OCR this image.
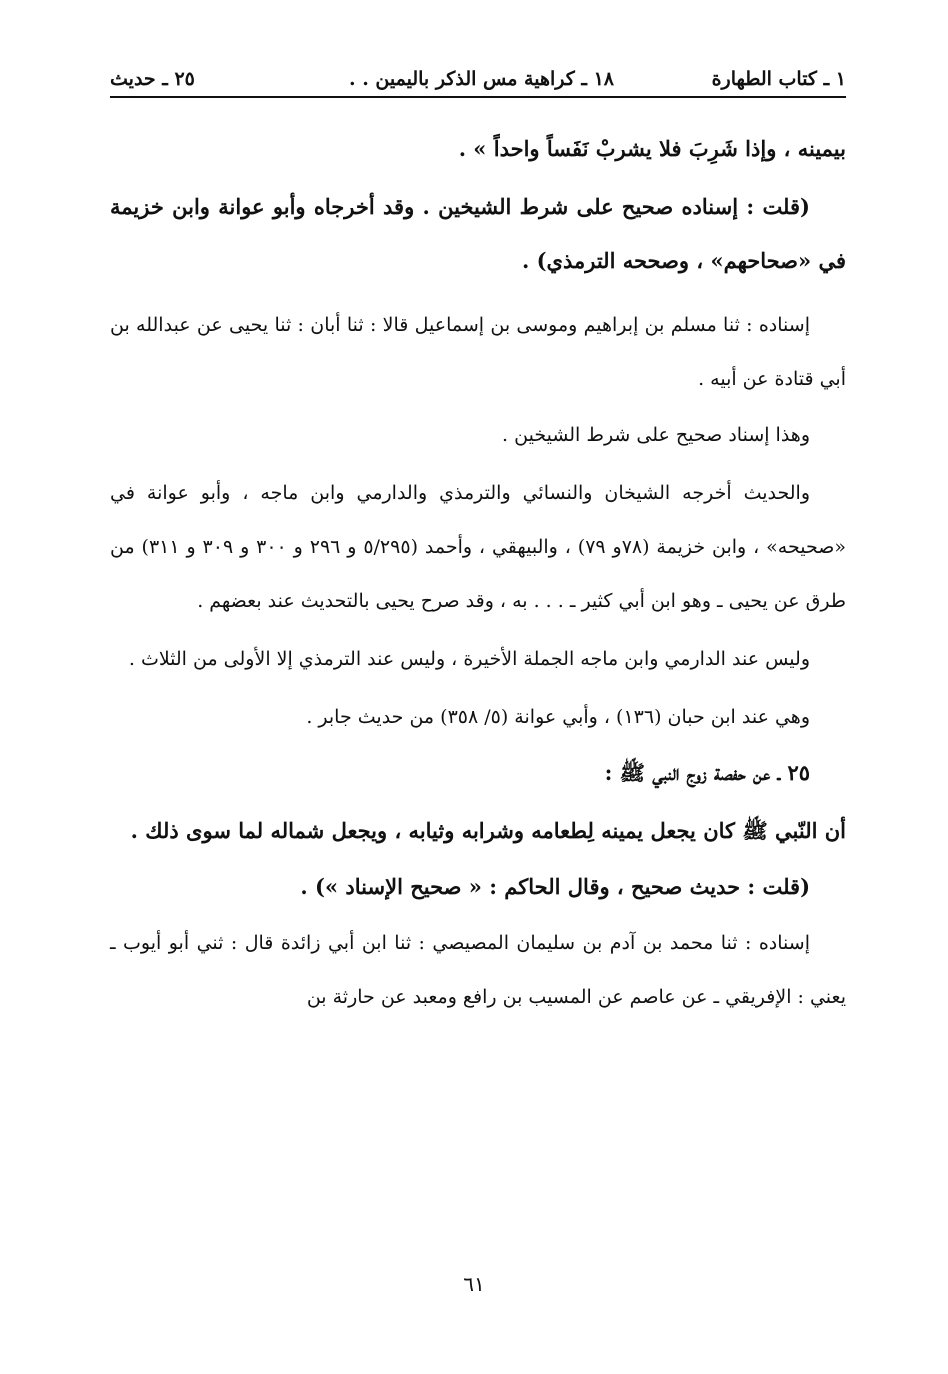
١ ـ كتاب الطهارة
١٨ ـ كراهية مس الذكر باليمين . .
٢٥ ـ حديث

بيمينه ، وإذا شَرِبَ فلا يشربْ نَفَساً واحداً » .

(قلت : إسناده صحيح على شرط الشيخين . وقد أخرجاه وأبو عوانة وابن خزيمة في «صحاحهم» ، وصححه الترمذي) .

إسناده : ثنا مسلم بن إبراهيم وموسى بن إسماعيل قالا : ثنا أبان : ثنا يحيى عن عبدالله بن أبي قتادة عن أبيه .

وهذا إسناد صحيح على شرط الشيخين .

والحديث أخرجه الشيخان والنسائي والترمذي والدارمي وابن ماجه ، وأبو عوانة في «صحيحه» ، وابن خزيمة (٧٨و ٧٩) ، والبيهقي ، وأحمد (٥/٢٩٥ و ٢٩٦ و ٣٠٠ و ٣٠٩ و ٣١١) من طرق عن يحيى ـ وهو ابن أبي كثير ـ . . . به ، وقد صرح يحيى بالتحديث عند بعضهم .

وليس عند الدارمي وابن ماجه الجملة الأخيرة ، وليس عند الترمذي إلا الأولى من الثلاث .

وهي عند ابن حبان (١٣٦) ، وأبي عوانة (٥/ ٣٥٨) من حديث جابر .

٢٥ ـ عن حفصة زوج النبي ﷺ :

أن النّبي ﷺ كان يجعل يمينه لِطعامه وشرابه وثيابه ، ويجعل شماله لما سوى ذلك .

(قلت : حديث صحيح ، وقال الحاكم : « صحيح الإسناد ») .

إسناده : ثنا محمد بن آدم بن سليمان المصيصي : ثنا ابن أبي زائدة قال : ثني أبو أيوب ـ يعني : الإفريقي ـ عن عاصم عن المسيب بن رافع ومعبد عن حارثة بن

٦١
